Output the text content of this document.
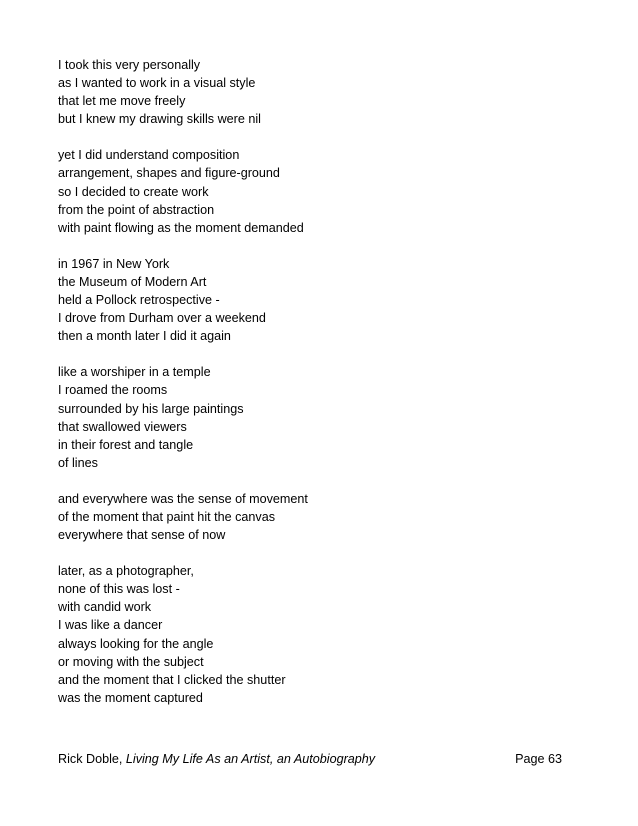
I took this very personally
as I wanted to work in a visual style
that let me move freely
but I knew my drawing skills were nil
yet I did understand composition
arrangement, shapes and figure-ground
so I decided to create work
from the point of abstraction
with paint flowing as the moment demanded
in 1967 in New York
the Museum of Modern Art
held a Pollock retrospective -
I drove from Durham over a weekend
then a month later I did it again
like a worshiper in a temple
I roamed the rooms
surrounded by his large paintings
that swallowed viewers
in their forest and tangle
of lines
and everywhere was the sense of movement
of the moment that paint hit the canvas
everywhere that sense of now
later, as a photographer,
none of this was lost -
with candid work
I was like a dancer
always looking for the angle
or moving with the subject
and the moment that I clicked the shutter
was the moment captured
Rick Doble, Living My Life As an Artist, an Autobiography	Page 63
